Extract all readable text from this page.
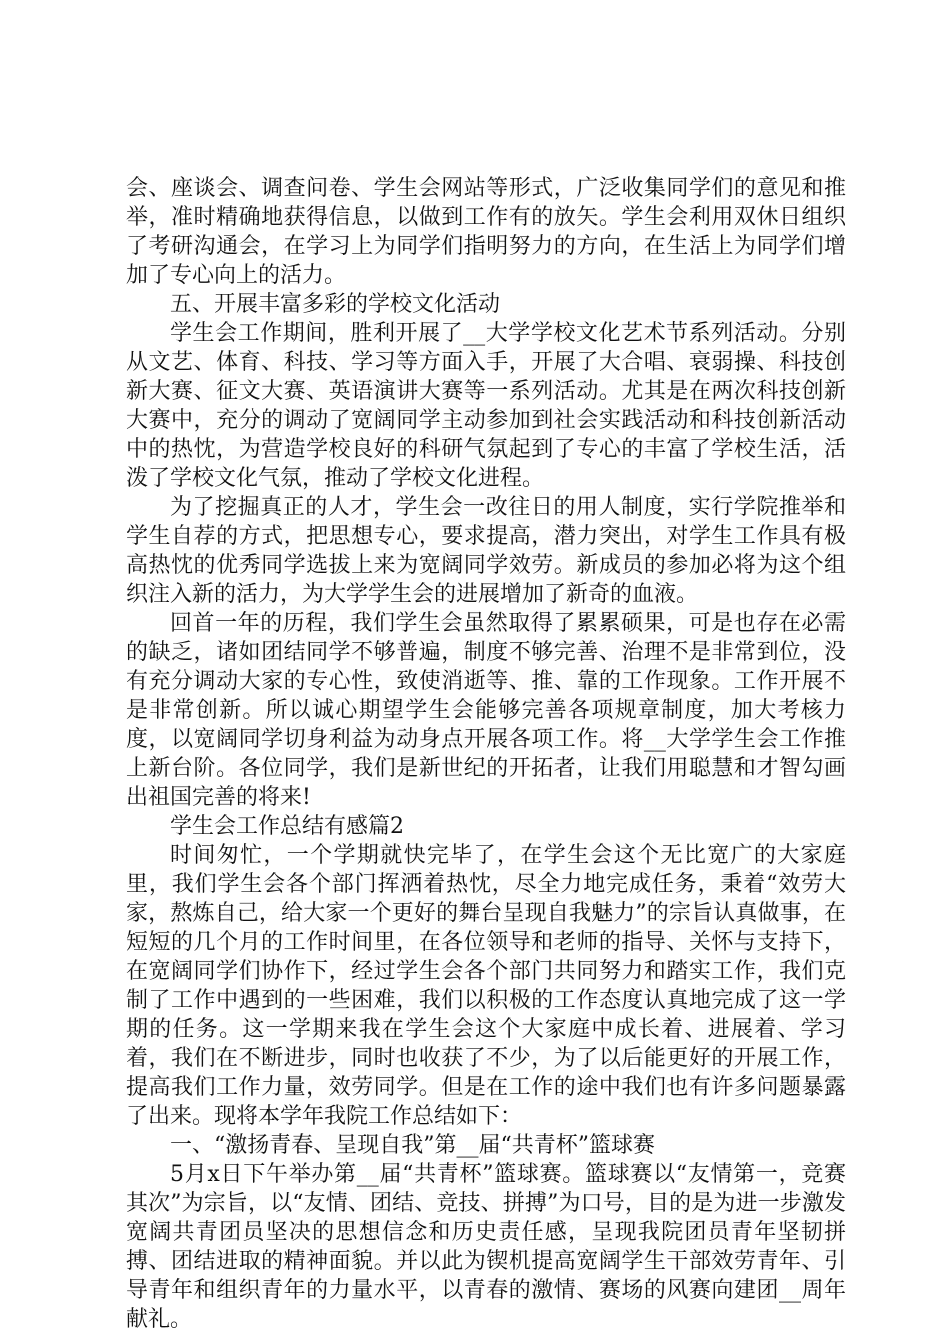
会、座谈会、调查问卷、学生会网站等形式，广泛收集同学们的意见和推举，准时精确地获得信息，以做到工作有的放矢。学生会利用双休日组织了考研沟通会，在学习上为同学们指明努力的方向，在生活上为同学们增加了专心向上的活力。

五、开展丰富多彩的学校文化活动

学生会工作期间，胜利开展了__大学学校文化艺术节系列活动。分别从文艺、体育、科技、学习等方面入手，开展了大合唱、衰弱操、科技创新大赛、征文大赛、英语演讲大赛等一系列活动。尤其是在两次科技创新大赛中，充分的调动了宽阔同学主动参加到社会实践活动和科技创新活动中的热忱，为营造学校良好的科研气氛起到了专心的丰富了学校生活，活泼了学校文化气氛，推动了学校文化进程。

为了挖掘真正的人才，学生会一改往日的用人制度，实行学院推举和学生自荐的方式，把思想专心，要求提高，潜力突出，对学生工作具有极高热忱的优秀同学选拔上来为宽阔同学效劳。新成员的参加必将为这个组织注入新的活力，为大学学生会的进展增加了新奇的血液。

回首一年的历程，我们学生会虽然取得了累累硕果，可是也存在必需的缺乏，诸如团结同学不够普遍，制度不够完善、治理不是非常到位，没有充分调动大家的专心性，致使消逝等、推、靠的工作现象。工作开展不是非常创新。所以诚心期望学生会能够完善各项规章制度，加大考核力度，以宽阔同学切身利益为动身点开展各项工作。将__大学学生会工作推上新台阶。各位同学，我们是新世纪的开拓者，让我们用聪慧和才智勾画出祖国完善的将来!

学生会工作总结有感篇2

时间匆忙，一个学期就快完毕了，在学生会这个无比宽广的大家庭里，我们学生会各个部门挥洒着热忱，尽全力地完成任务，秉着“效劳大家，熬炼自己，给大家一个更好的舞台呈现自我魅力”的宗旨认真做事，在短短的几个月的工作时间里，在各位领导和老师的指导、关怀与支持下，在宽阔同学们协作下，经过学生会各个部门共同努力和踏实工作，我们克制了工作中遇到的一些困难，我们以积极的工作态度认真地完成了这一学期的任务。这一学期来我在学生会这个大家庭中成长着、进展着、学习着，我们在不断进步，同时也收获了不少，为了以后能更好的开展工作，提高我们工作力量，效劳同学。但是在工作的途中我们也有许多问题暴露了出来。现将本学年我院工作总结如下：

一、“激扬青春、呈现自我”第__届“共青杯”篮球赛

5月x日下午举办第__届“共青杯”篮球赛。篮球赛以“友情第一，竞赛其次”为宗旨，以“友情、团结、竞技、拼搏”为口号，目的是为进一步激发宽阔共青团员坚决的思想信念和历史责任感，呈现我院团员青年坚韧拼搏、团结进取的精神面貌。并以此为锲机提高宽阔学生干部效劳青年、引导青年和组织青年的力量水平，以青春的激情、赛场的风赛向建团__周年献礼。
